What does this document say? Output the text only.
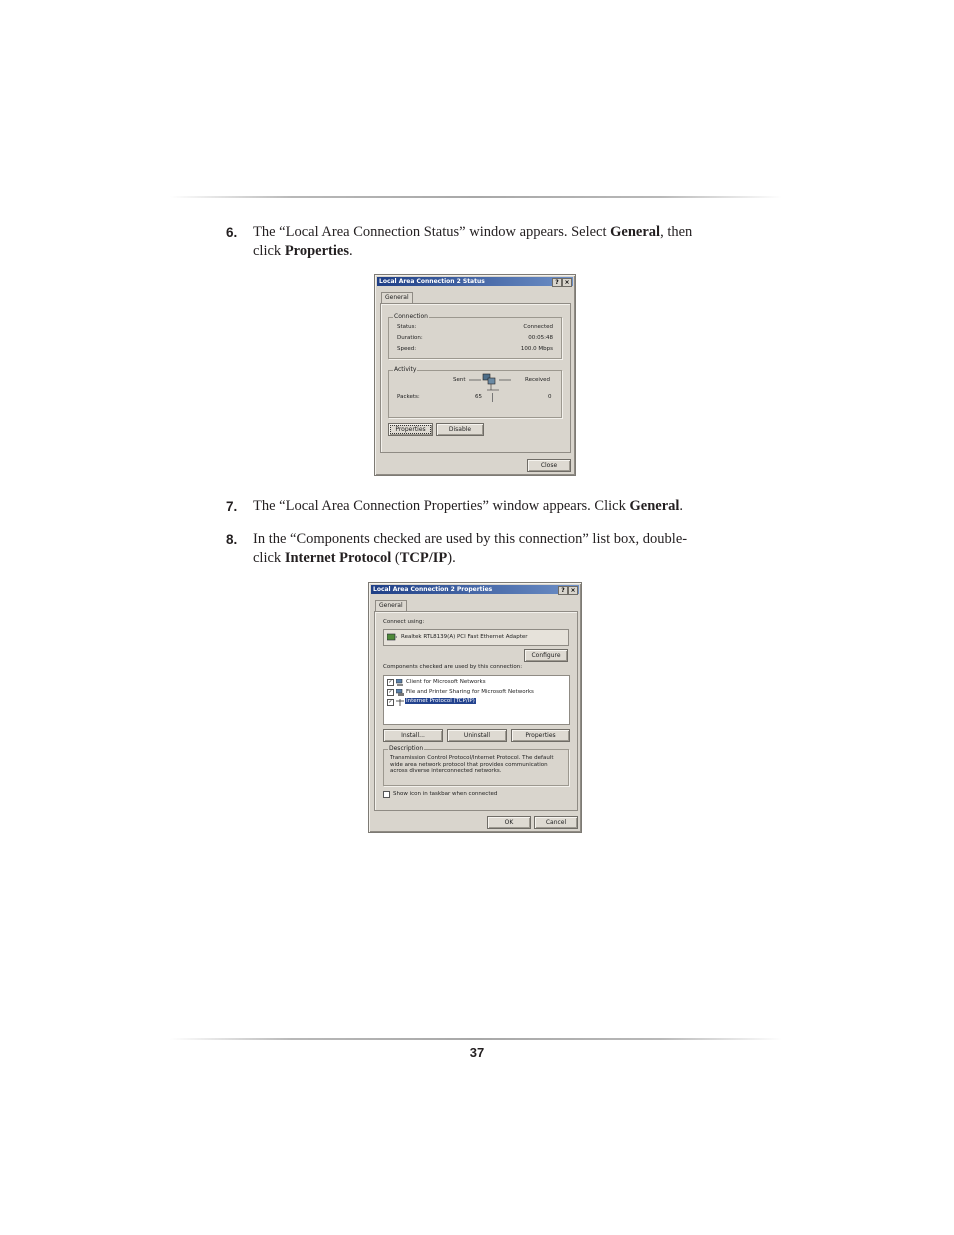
6. The “Local Area Connection Status” window appears. Select General, then click Properties.
Local Area Connection 2 Status	? ×
General
Connection
Status:	Connected
Duration:	00:05:48
Speed:	100.0 Mbps
Activity
Sent	Received
Packets:	65	0
Properties	Disable
Close
7. The “Local Area Connection Properties” window appears. Click General.
8. In the “Components checked are used by this connection” list box, double-click Internet Protocol (TCP/IP).
Local Area Connection 2 Properties	? ×
General
Connect using:
Realtek RTL8139(A) PCI Fast Ethernet Adapter
Configure
Components checked are used by this connection:
✓ Client for Microsoft Networks
✓ File and Printer Sharing for Microsoft Networks
✓ Internet Protocol (TCP/IP)
Install...	Uninstall	Properties
Description
Transmission Control Protocol/Internet Protocol. The default wide area network protocol that provides communication across diverse interconnected networks.
Show icon in taskbar when connected
OK	Cancel
37
